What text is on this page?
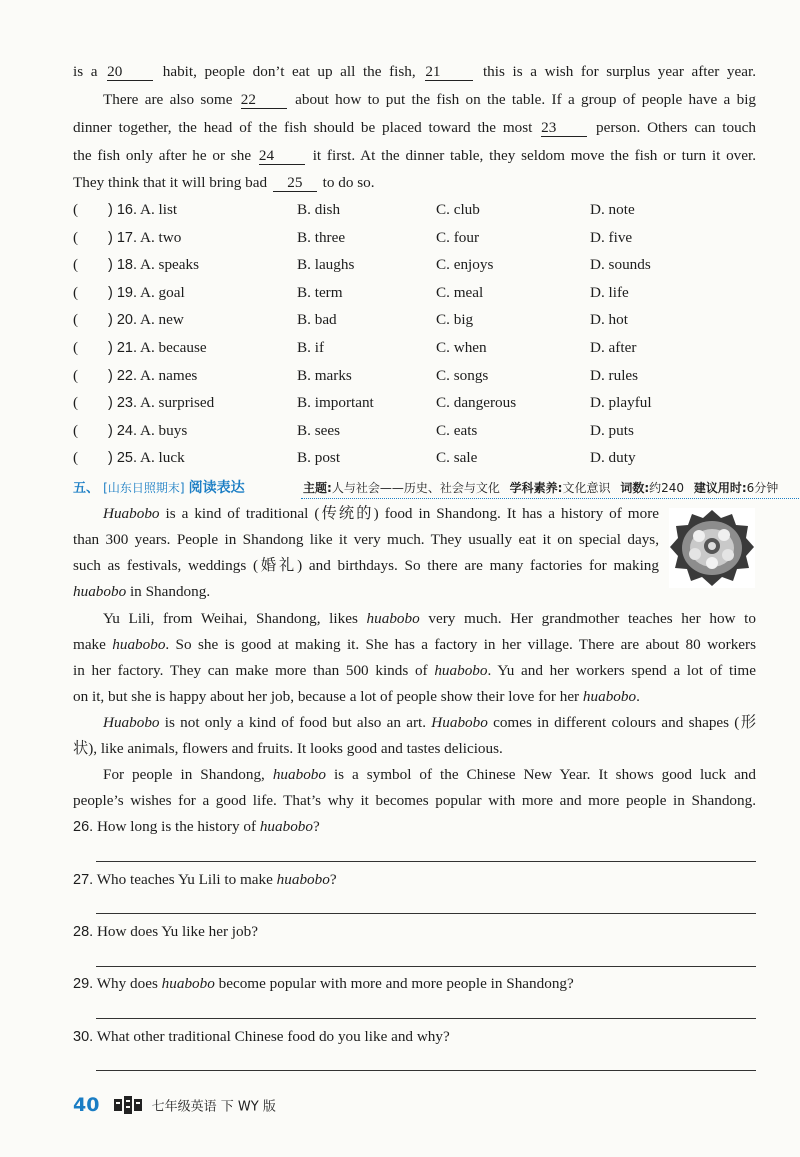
is a 20	habit, people don’t eat up all the fish, 21	this is a wish for surplus year after year.
There are also some 22	about how to put the fish on the table. If a group of people have a big
dinner together, the head of the fish should be placed toward the most 23	person. Others can touch
the fish only after he or she 24	it first. At the dinner table, they seldom move the fish or turn it over.
They think that it will bring bad 25 to do so.
( ) 16. A. list	B. dish	C. club	D. note
( ) 17. A. two	B. three	C. four	D. five
( ) 18. A. speaks	B. laughs	C. enjoys	D. sounds
( ) 19. A. goal	B. term	C. meal	D. life
( ) 20. A. new	B. bad	C. big	D. hot
( ) 21. A. because	B. if	C. when	D. after
( ) 22. A. names	B. marks	C. songs	D. rules
( ) 23. A. surprised	B. important	C. dangerous	D. playful
( ) 24. A. buys	B. sees	C. eats	D. puts
( ) 25. A. luck	B. post	C. sale	D. duty
五、 [山东日照期末] 阅读表达	主题:人与社会——历史、社会与文化 学科素养:文化意识 词数:约240 建议用时:6分钟
Huabobo is a kind of traditional (传统的) food in Shandong. It has a history of more
than 300 years. People in Shandong like it very much. They usually eat it on special days,
such as festivals, weddings (婚礼) and birthdays. So there are many factories for making
huabobo in Shandong.
Yu Lili, from Weihai, Shandong, likes huabobo very much. Her grandmother teaches her how to
make huabobo. So she is good at making it. She has a factory in her village. There are about 80 workers
in her factory. They can make more than 500 kinds of huabobo. Yu and her workers spend a lot of time
on it, but she is happy about her job, because a lot of people show their love for her huabobo.
Huabobo is not only a kind of food but also an art. Huabobo comes in different colours and shapes (形
状), like animals, flowers and fruits. It looks good and tastes delicious.
For people in Shandong, huabobo is a symbol of the Chinese New Year. It shows good luck and
people’s wishes for a good life. That’s why it becomes popular with more and more people in Shandong.
26. How long is the history of huabobo?
27. Who teaches Yu Lili to make huabobo?
28. How does Yu like her job?
29. Why does huabobo become popular with more and more people in Shandong?
30. What other traditional Chinese food do you like and why?
40	七年级英语 下 WY 版
